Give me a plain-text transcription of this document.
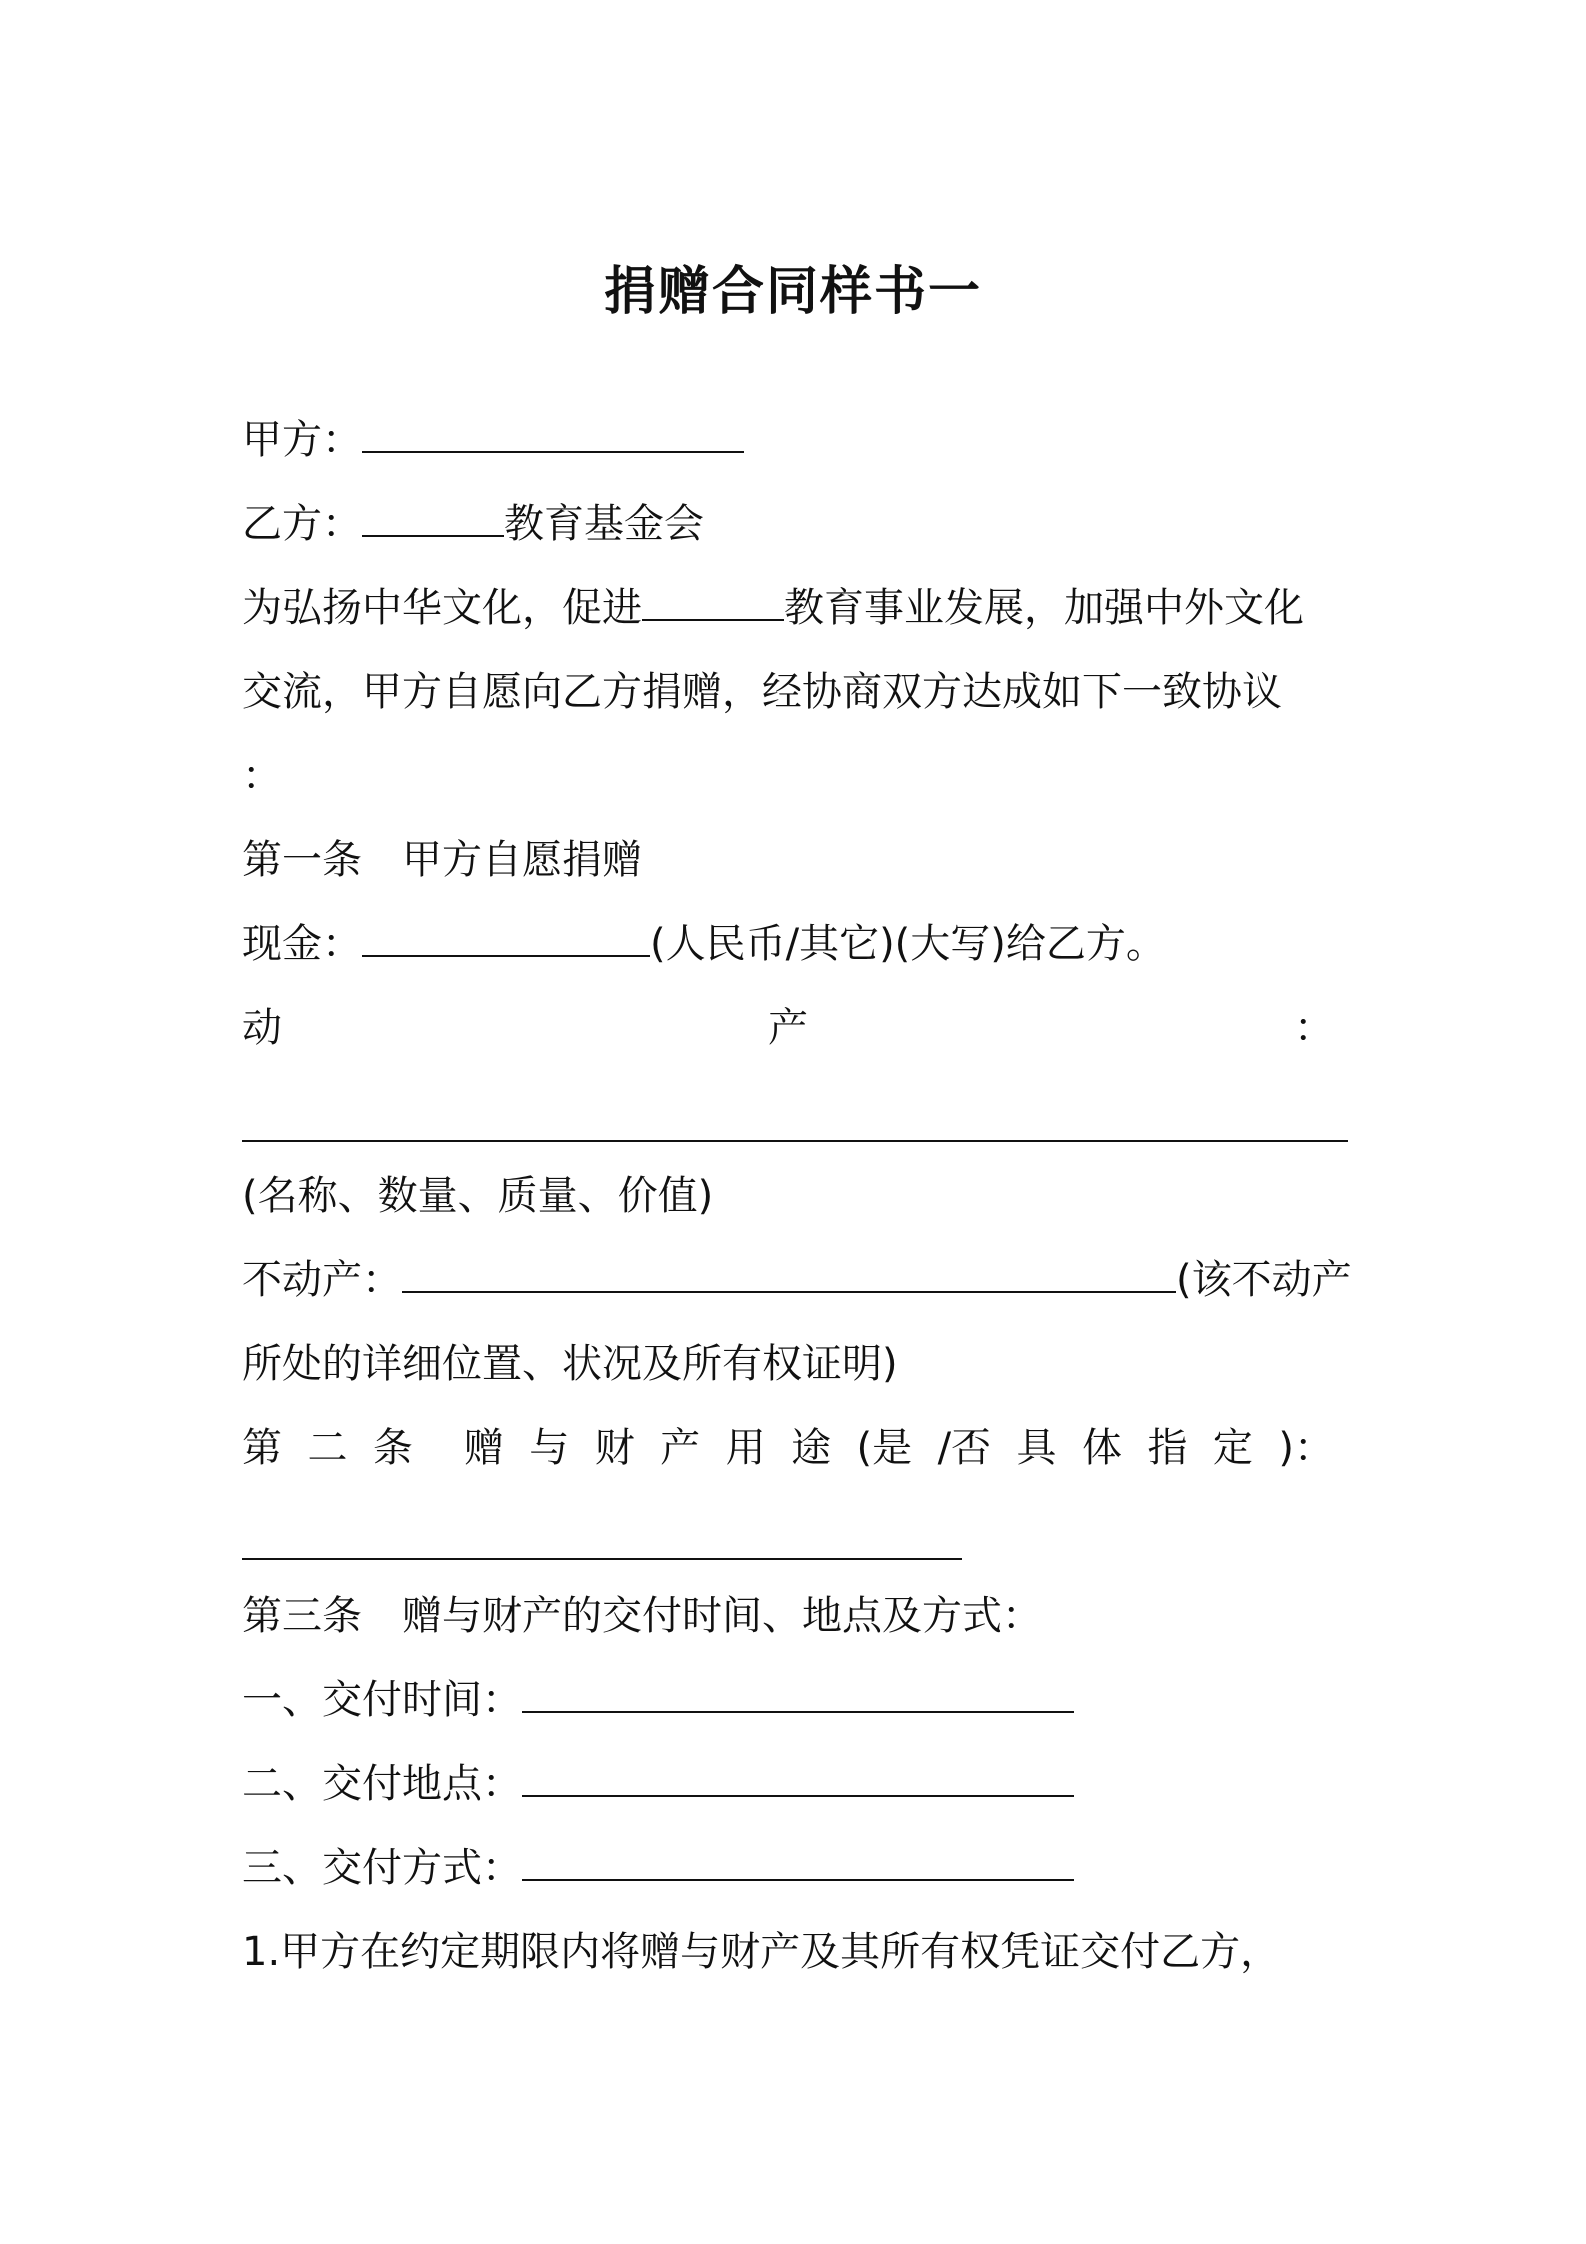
捐赠合同样书一
甲方：
乙方：	教育基金会
为弘扬中华文化，促进	教育事业发展，加强中外文化
交流，甲方自愿向乙方捐赠，经协商双方达成如下一致协议
：
第一条　甲方自愿捐赠
现金：	(人民币/其它)(大写)给乙方。
动	产	：
(名称、数量、质量、价值)
不动产：	(该不动产
所处的详细位置、状况及所有权证明)
第 二 条 赠 与 财 产 用 途 (是 /否 具 体 指 定 )：
第三条　赠与财产的交付时间、地点及方式：
一、交付时间：
二、交付地点：
三、交付方式：
1.甲方在约定期限内将赠与财产及其所有权凭证交付乙方，
